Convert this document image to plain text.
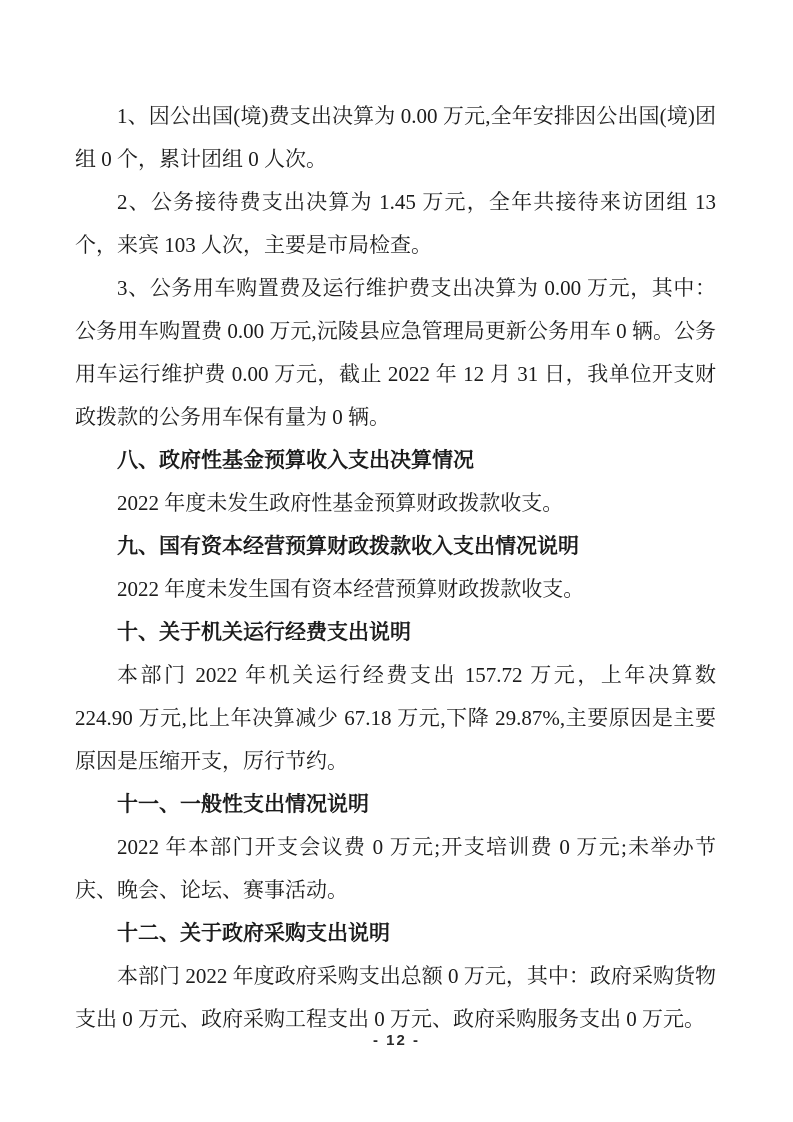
1、因公出国(境)费支出决算为 0.00 万元,全年安排因公出国(境)团组 0 个，累计团组 0 人次。

2、公务接待费支出决算为 1.45 万元，全年共接待来访团组 13 个，来宾 103 人次，主要是市局检查。

3、公务用车购置费及运行维护费支出决算为 0.00 万元，其中：公务用车购置费 0.00 万元,沅陵县应急管理局更新公务用车 0 辆。公务用车运行维护费 0.00 万元，截止 2022 年 12 月 31 日，我单位开支财政拨款的公务用车保有量为 0 辆。

八、政府性基金预算收入支出决算情况

2022 年度未发生政府性基金预算财政拨款收支。

九、国有资本经营预算财政拨款收入支出情况说明

2022 年度未发生国有资本经营预算财政拨款收支。

十、关于机关运行经费支出说明

本部门 2022 年机关运行经费支出 157.72 万元，上年决算数 224.90 万元,比上年决算减少 67.18 万元,下降 29.87%,主要原因是主要原因是压缩开支，厉行节约。

十一、一般性支出情况说明

2022 年本部门开支会议费 0 万元;开支培训费 0 万元;未举办节庆、晚会、论坛、赛事活动。

十二、关于政府采购支出说明

本部门 2022 年度政府采购支出总额 0 万元，其中：政府采购货物支出 0 万元、政府采购工程支出 0 万元、政府采购服务支出 0 万元。

- 12 -
